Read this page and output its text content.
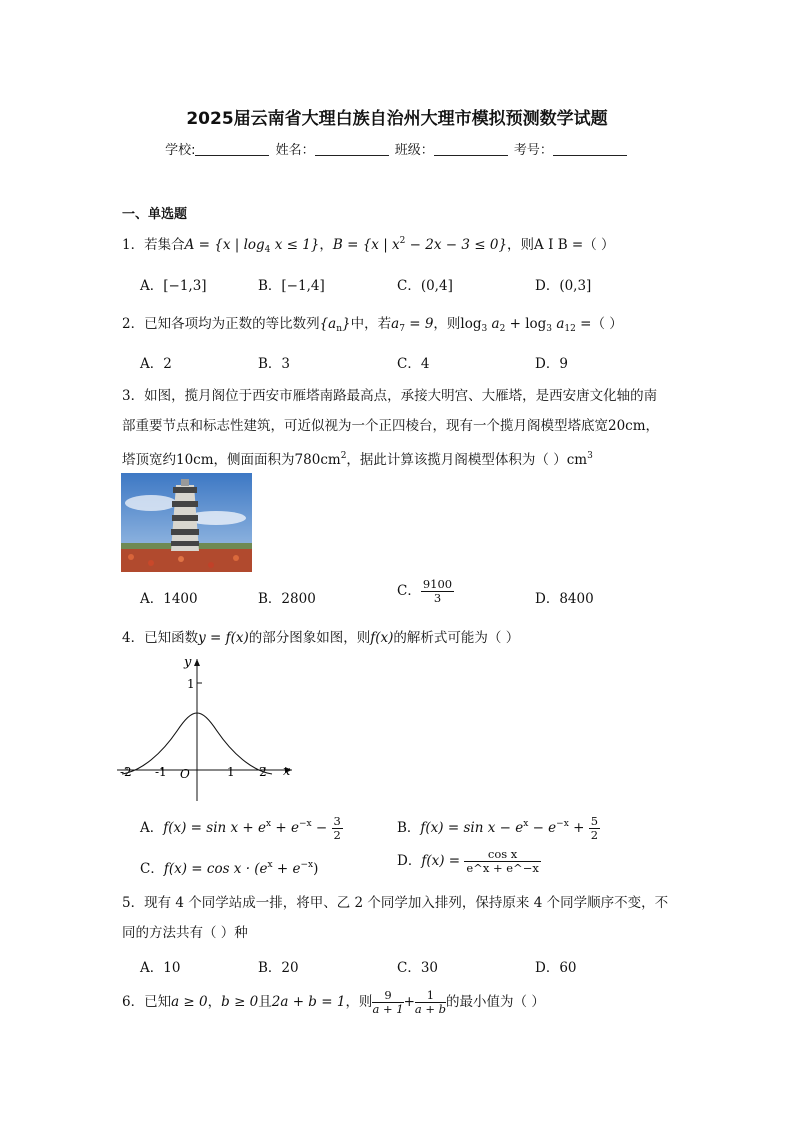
2025届云南省大理白族自治州大理市模拟预测数学试题
学校:	姓名：	班级：	考号：
一、单选题
1．若集合A = {x | $\log_4 x \le 1$}，B = {x | $x^2 - 2x - 3 \le 0$}，则A I B =（ ）
A．[−1,3]	B．[−1,4]	C．(0,4]	D．(0,3]
2．已知各项均为正数的等比数列$\{a_n\}$中，若$a_7 = 9$，则$\log_3 a_2 + \log_3 a_{12}$ =（ ）
A．2	B．3	C．4	D．9
3．如图，揽月阁位于西安市雁塔南路最高点，承接大明宫、大雁塔，是西安唐文化轴的南
部重要节点和标志性建筑，可近似视为一个正四棱台，现有一个揽月阁模型塔底宽20cm，
塔顶宽约10cm，侧面面积为$780cm^2$，据此计算该揽月阁模型体积为（ ）$cm^3$
A．1400	B．2800	C． $\frac{9100}{3}$	D．8400
4．已知函数y = f(x)的部分图象如图，则f(x)的解析式可能为（ ）
y
x
O
1
-2 -1	1 2
A．$f(x) = \sin x + e^x + e^{-x} - \frac{3}{2}$	B．$f(x) = \sin x - e^x - e^{-x} + \frac{5}{2}$
C．$f(x) = \cos x \cdot (e^x + e^{-x})$	D．$f(x) = \frac{\text{cos x}}{e\^{}x + e\^{}-x}$
5．现有 4 个同学站成一排，将甲、乙 2 个同学加入排列，保持原来 4 个同学顺序不变，不
同的方法共有（ ）种
A．10	B．20	C．30	D．60
6．已知a ≥ 0，b ≥ 0且2a + b = 1，则 $\frac{9}{a + 1}+ \frac{1}{a + b}$的最小值为（ ）
